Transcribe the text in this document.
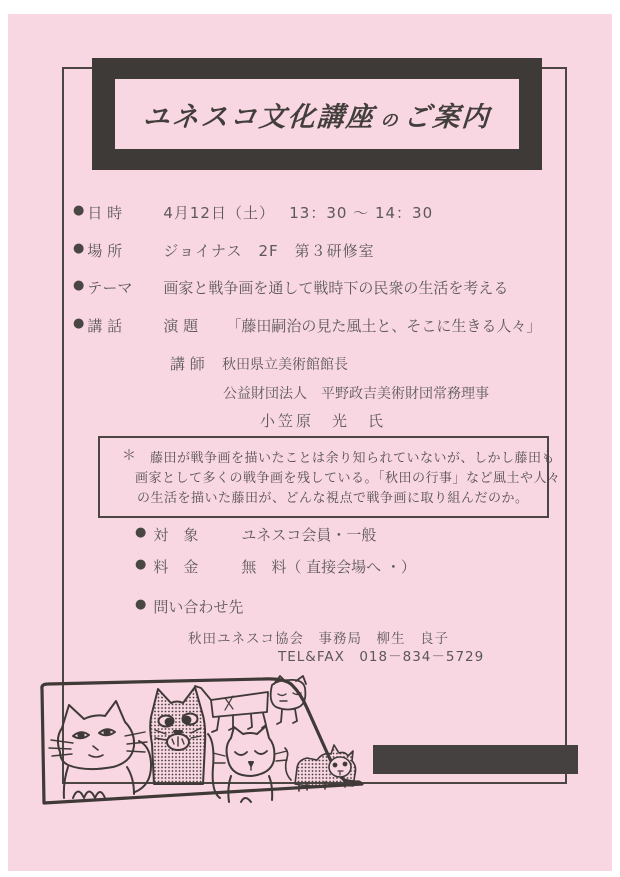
ユネスコ文化講座 の ご案内
● 日 時	4月12日（土）　 13：30 ～ 14：30
● 場 所	ジョイナス　2F　第３研修室
● テーマ	画家と戦争画を通して戦時下の民衆の生活を考える
● 講 話	演 題	「藤田嗣治の見た風土と、そこに生きる人々」
講 師	秋田県立美術館館長
公益財団法人　平野政吉美術財団常務理事
小笠原　光　氏
＊ 藤田が戦争画を描いたことは余り知られていないが、しかし藤田も
画家として多くの戦争画を残している。「秋田の行事」など風土や人々
の生活を描いた藤田が、どんな視点で戦争画に取り組んだのか。
● 対　象	ユネスコ会員・一般
● 料　金	無　料（ 直接会場へ ・）
● 問い合わせ先
秋田ユネスコ協会　事務局　柳生　良子
TEL&FAX　018－834－5729
